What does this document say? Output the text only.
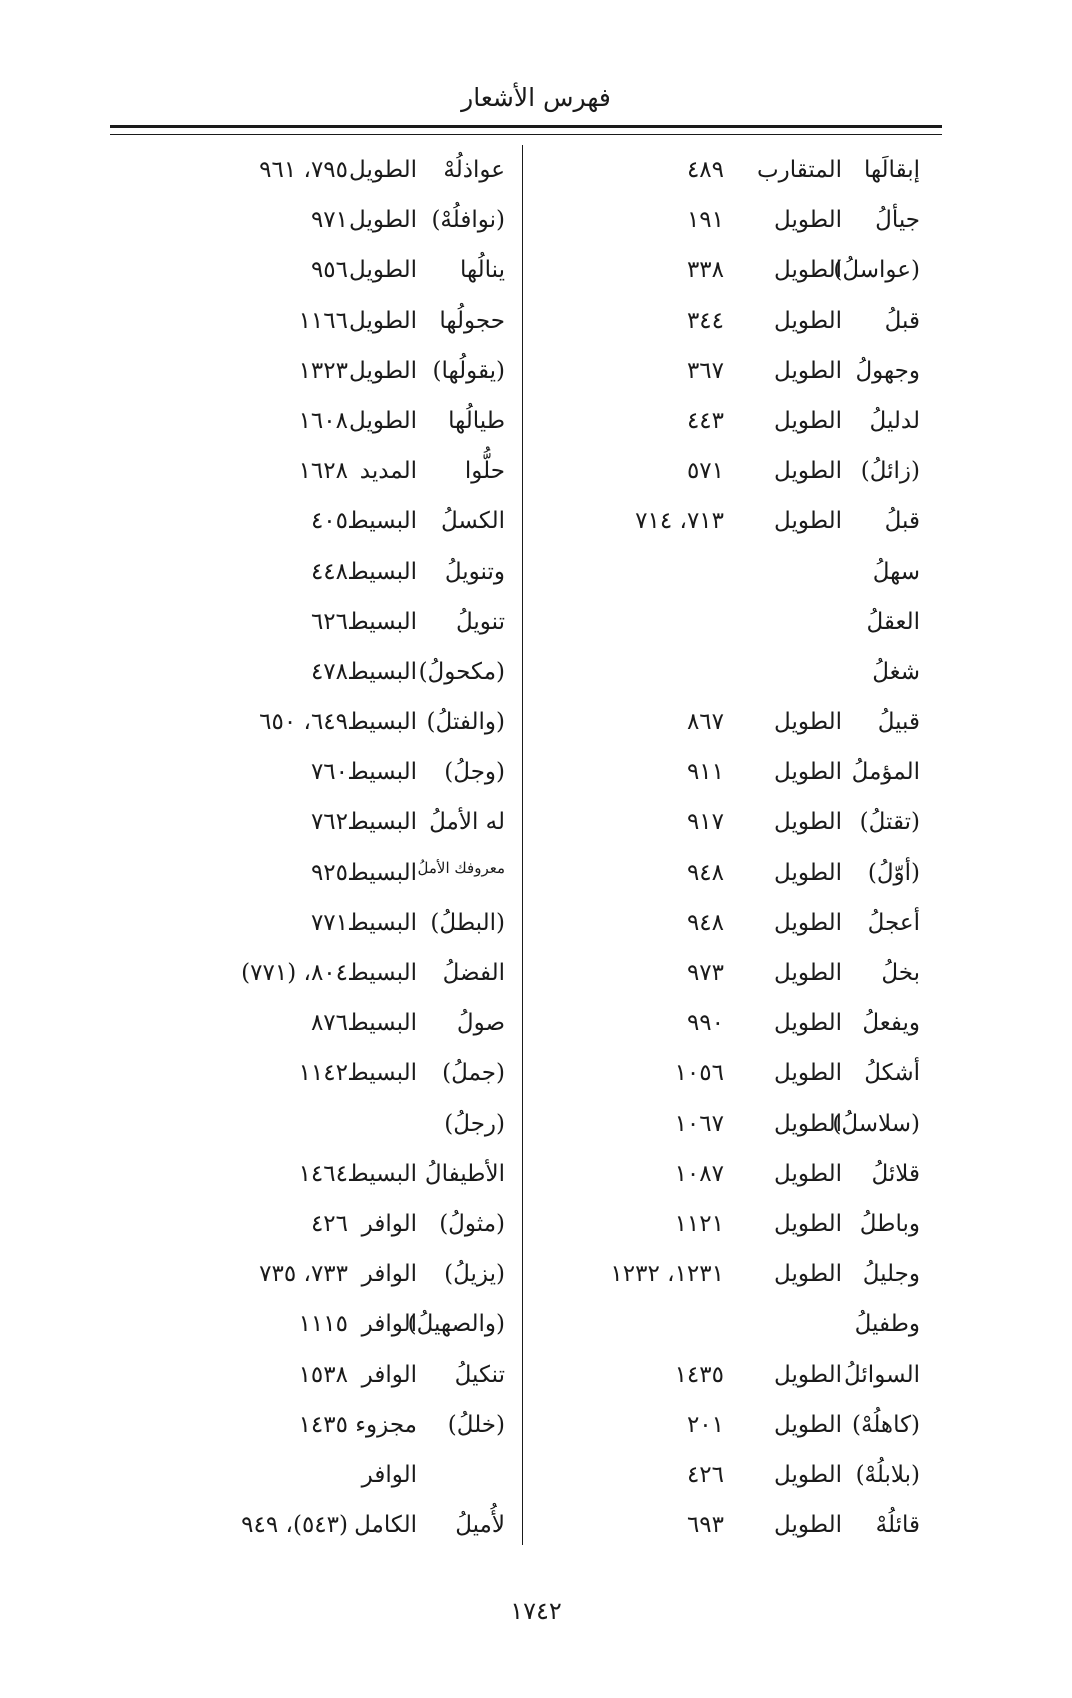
فهرس الأشعار
إبقالَها
المتقارب
٤٨٩
جيألُ
الطويل
١٩١
(عواسلُ)
الطويل
٣٣٨
قبلُ
الطويل
٣٤٤
وجهولُ
الطويل
٣٦٧
لدليلُ
الطويل
٤٤٣
(زائلُ)
الطويل
٥٧١
قبلُ
الطويل
٧١٣، ٧١٤
سهلُ
العقلُ
شغلُ
قبيلُ
الطويل
٨٦٧
المؤملُ
الطويل
٩١١
(تقتلُ)
الطويل
٩١٧
(أوّلُ)
الطويل
٩٤٨
أعجلُ
الطويل
٩٤٨
بخلُ
الطويل
٩٧٣
ويفعلُ
الطويل
٩٩٠
أشكلُ
الطويل
١٠٥٦
(سلاسلُ)
الطويل
١٠٦٧
قلائلُ
الطويل
١٠٨٧
وباطلُ
الطويل
١١٢١
وجليلُ
الطويل
١٢٣١، ١٢٣٢
وطفيلُ
السوائلُ
الطويل
١٤٣٥
(كاهلُهْ)
الطويل
٢٠١
(بلابلُهْ)
الطويل
٤٢٦
قائلُهْ
الطويل
٦٩٣
عواذلُهْ
الطويل
٧٩٥، ٩٦١
(نوافلُهْ)
الطويل
٩٧١
ينالُها
الطويل
٩٥٦
حجولُها
الطويل
١١٦٦
(يقولُها)
الطويل
١٣٢٣
طيالُها
الطويل
١٦٠٨
حلُّوا
المديد
١٦٢٨
الكسلُ
البسيط
٤٠٥
وتنويلُ
البسيط
٤٤٨
تنويلُ
البسيط
٦٢٦
(مكحولُ)
البسيط
٤٧٨
(والفتلُ)
البسيط
٦٤٩، ٦٥٠
(وجلُ)
البسيط
٧٦٠
له الأملُ
البسيط
٧٦٢
معروفك الأملُ
البسيط
٩٢٥
(البطلُ)
البسيط
٧٧١
الفضلُ
البسيط
٨٠٤، (٧٧١)
صولُ
البسيط
٨٧٦
(جملُ)
البسيط
١١٤٢
(رجلُ)
الأطيفالُ
البسيط
١٤٦٤
(مثولُ)
الوافر
٤٢٦
(يزيلُ)
الوافر
٧٣٣، ٧٣٥
(والصهيلُ)
الوافر
١١١٥
تنكيلُ
الوافر
١٥٣٨
(خللُ)
مجزوء
١٤٣٥
الوافر
لأُميلُ
الكامل
(٥٤٣)، ٩٤٩
١٧٤٢
